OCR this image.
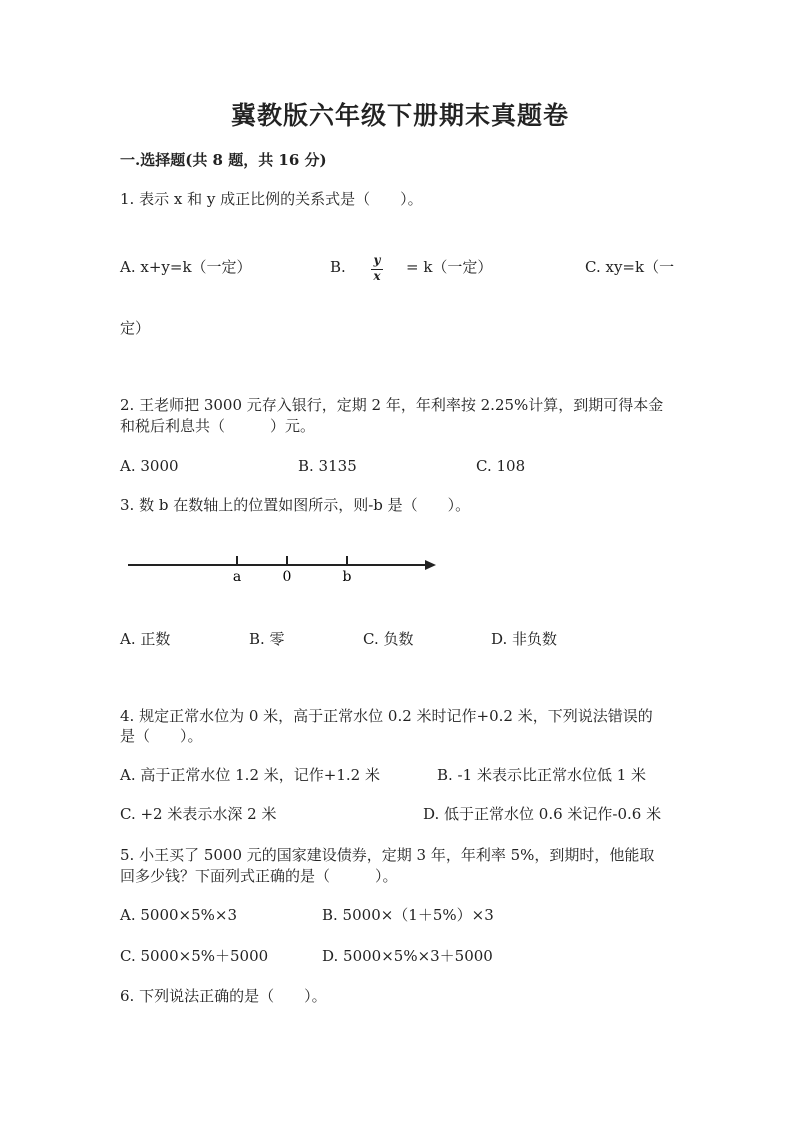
冀教版六年级下册期末真题卷
一.选择题(共 8 题，共 16 分)
1. 表示 x 和 y 成正比例的关系式是（　　）。
A. x+y=k（一定）	B.	y
x = k（一定）	C. xy=k（一
定）
2. 王老师把 3000 元存入银行，定期 2 年，年利率按 2.25%计算，到期可得本金
和税后利息共（　　　）元。
A. 3000	B. 3135	C. 108
3. 数 b 在数轴上的位置如图所示，则-b 是（　　）。
a	0	b
A. 正数	B. 零	C. 负数	D. 非负数
4. 规定正常水位为 0 米，高于正常水位 0.2 米时记作+0.2 米，下列说法错误的
是（　　）。
A. 高于正常水位 1.2 米，记作+1.2 米	B. -1 米表示比正常水位低 1 米
C. +2 米表示水深 2 米	D. 低于正常水位 0.6 米记作-0.6 米
5. 小王买了 5000 元的国家建设债券，定期 3 年，年利率 5%，到期时，他能取
回多少钱？下面列式正确的是（　　　）。
A. 5000×5%×3	B. 5000×（1＋5%）×3
C. 5000×5%＋5000	D. 5000×5%×3＋5000
6. 下列说法正确的是（　　）。
